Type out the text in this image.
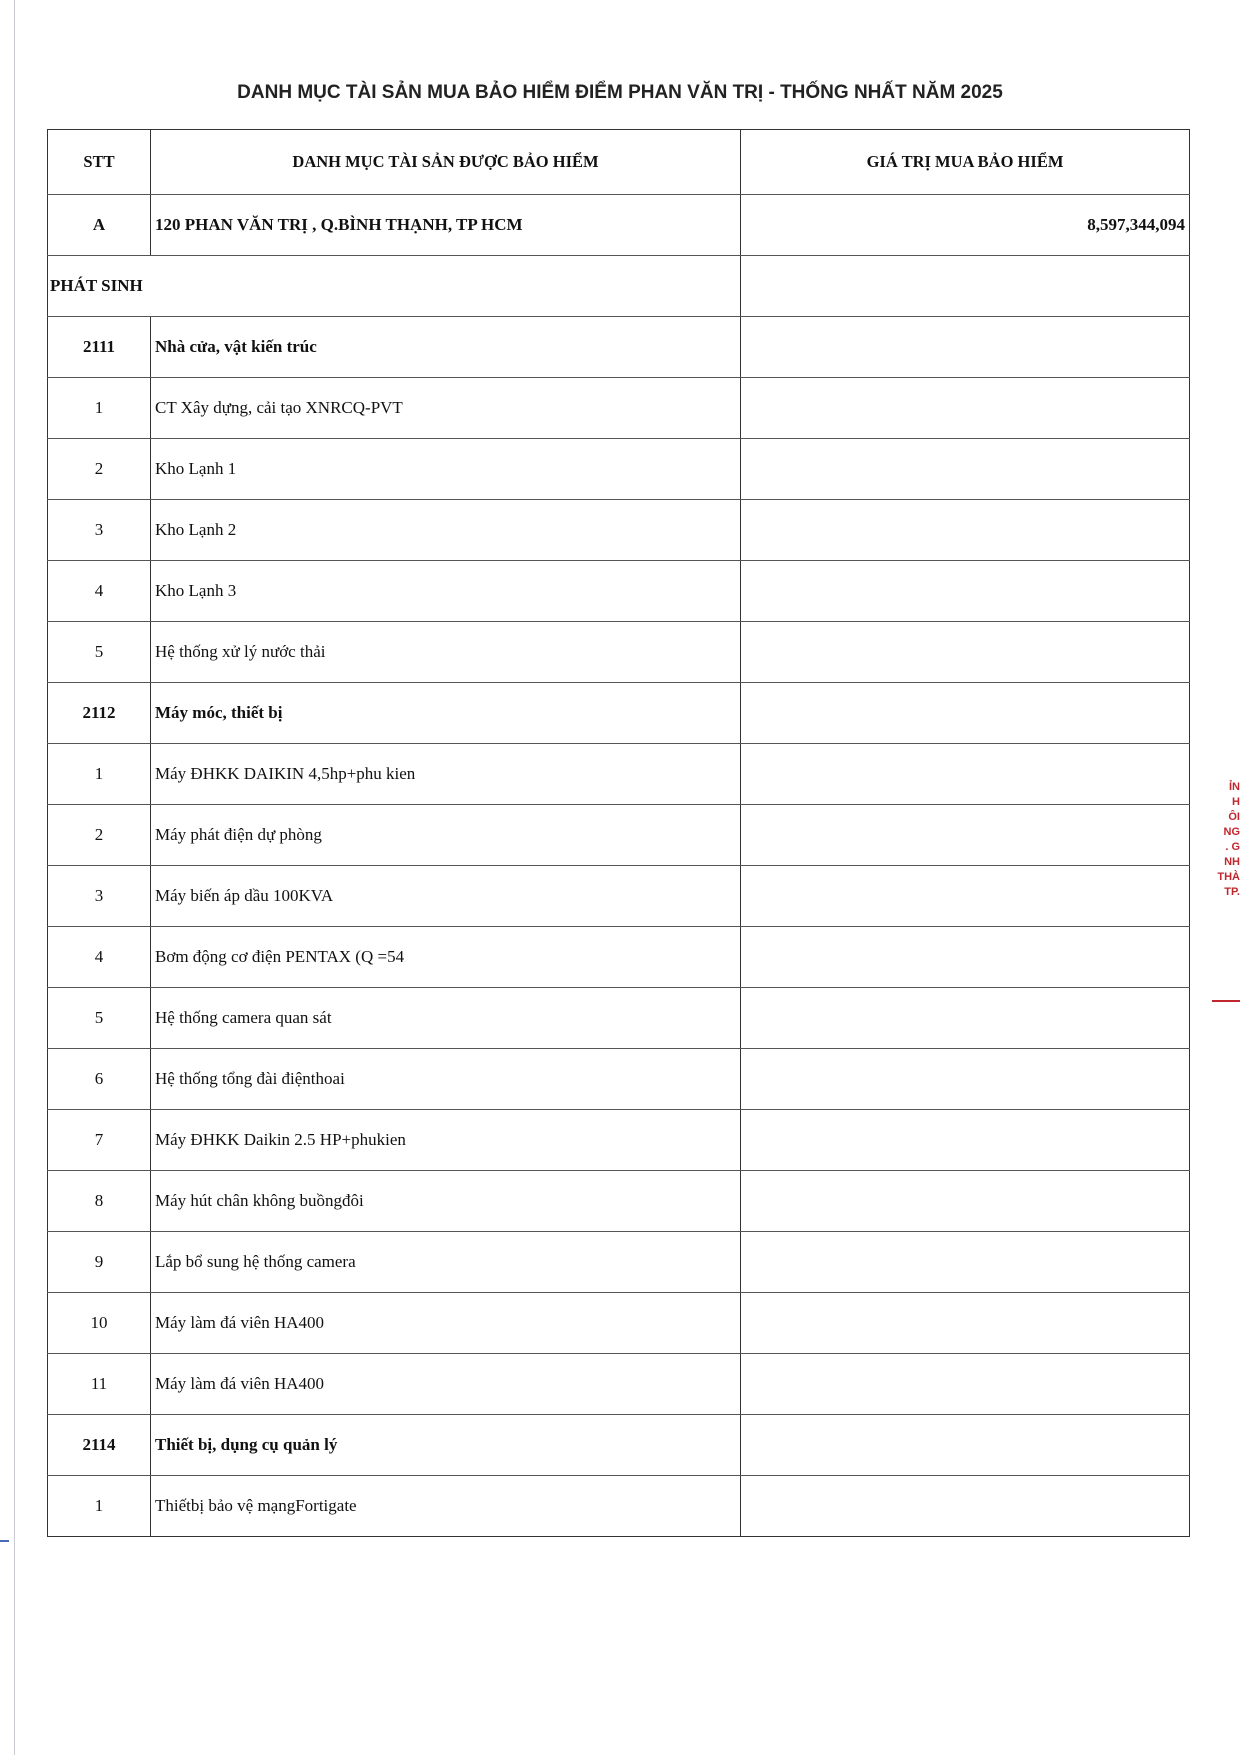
DANH MỤC TÀI SẢN MUA BẢO HIỂM ĐIỂM PHAN VĂN TRỊ - THỐNG NHẤT NĂM 2025
STT	DANH MỤC TÀI SẢN ĐƯỢC BẢO HIỂM	GIÁ TRỊ MUA BẢO HIỂM
A	120 PHAN VĂN TRỊ , Q.BÌNH THẠNH, TP HCM	8,597,344,094
PHÁT SINH		
2111	Nhà cửa, vật kiến trúc	
1	CT Xây dựng, cải tạo XNRCQ-PVT	
2	Kho Lạnh 1	
3	Kho Lạnh 2	
4	Kho Lạnh 3	
5	Hệ thống xử lý nước thải	
2112	Máy móc, thiết bị	
1	Máy ĐHKK DAIKIN 4,5hp+phu kien	
2	Máy phát điện dự phòng	
3	Máy biến áp dầu 100KVA	
4	Bơm động cơ điện PENTAX (Q =54	
5	Hệ thống camera quan sát	
6	Hệ thống tổng đài điệnthoai	
7	Máy ĐHKK Daikin 2.5 HP+phukien	
8	Máy hút chân không buồngđôi	
9	Lắp bổ sung hệ thống camera	
10	Máy làm đá viên HA400	
11	Máy làm đá viên HA400	
2114	Thiết bị, dụng cụ quản lý	
1	Thiếtbị bảo vệ mạngFortigate	
ỈN
H
ÔI
NG
. G
NH
THÀ
TP.
